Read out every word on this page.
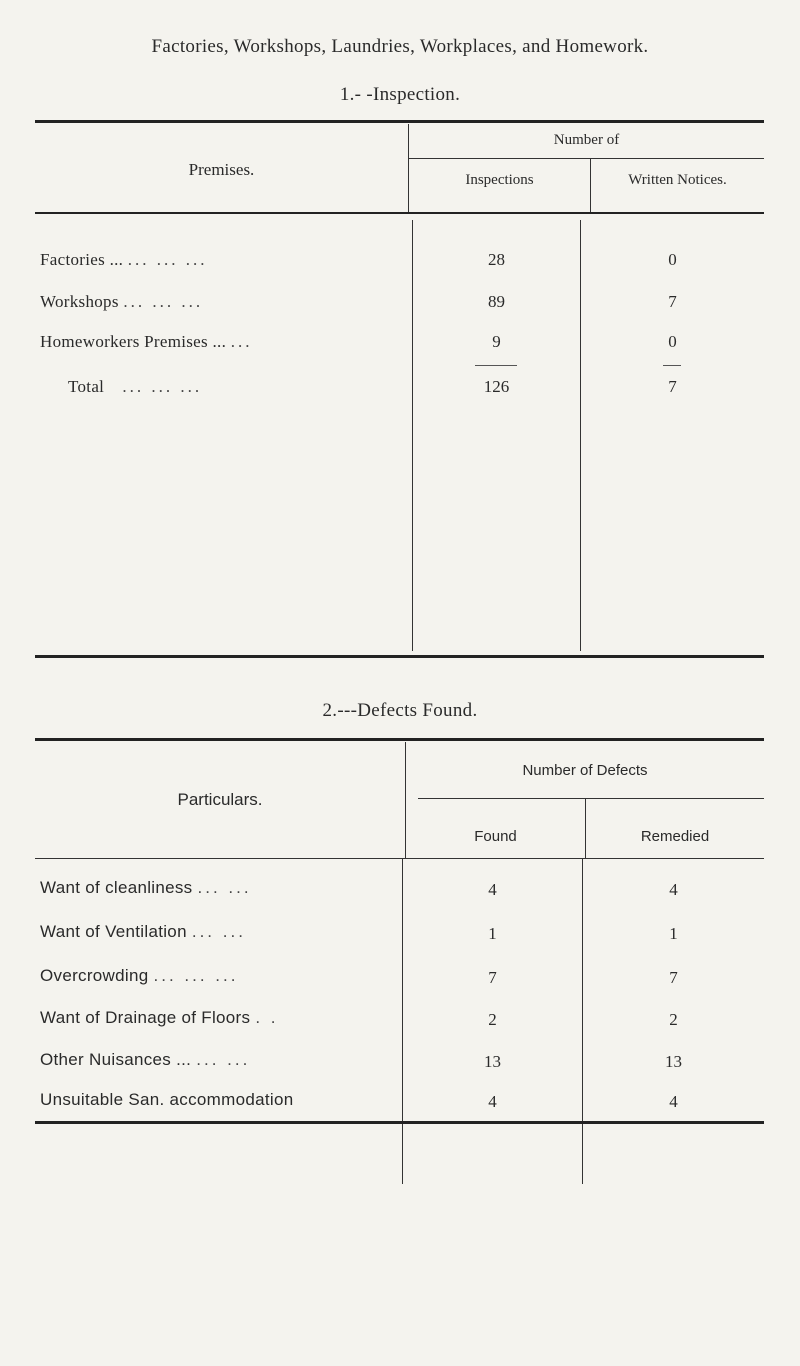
Factories, Workshops, Laundries, Workplaces, and Homework.
1.- -Inspection.
Premises.
Number of
Inspections	Written Notices.
Factories ... ... ... ...	28	0
Workshops ... ... ...	89	7
Homeworkers Premises ... ...	9	0
Total ... ... ...	126	7
2.---Defects Found.
Particulars.
Number of Defects
Found	Remedied
Want of cleanliness ... ...	4	4
Want of Ventilation ... ...	1	1
Overcrowding ... ... ...	7	7
Want of Drainage of Floors . .	2	2
Other Nuisances ... ... ...	13	13
Unsuitable San. accommodation	4	4
